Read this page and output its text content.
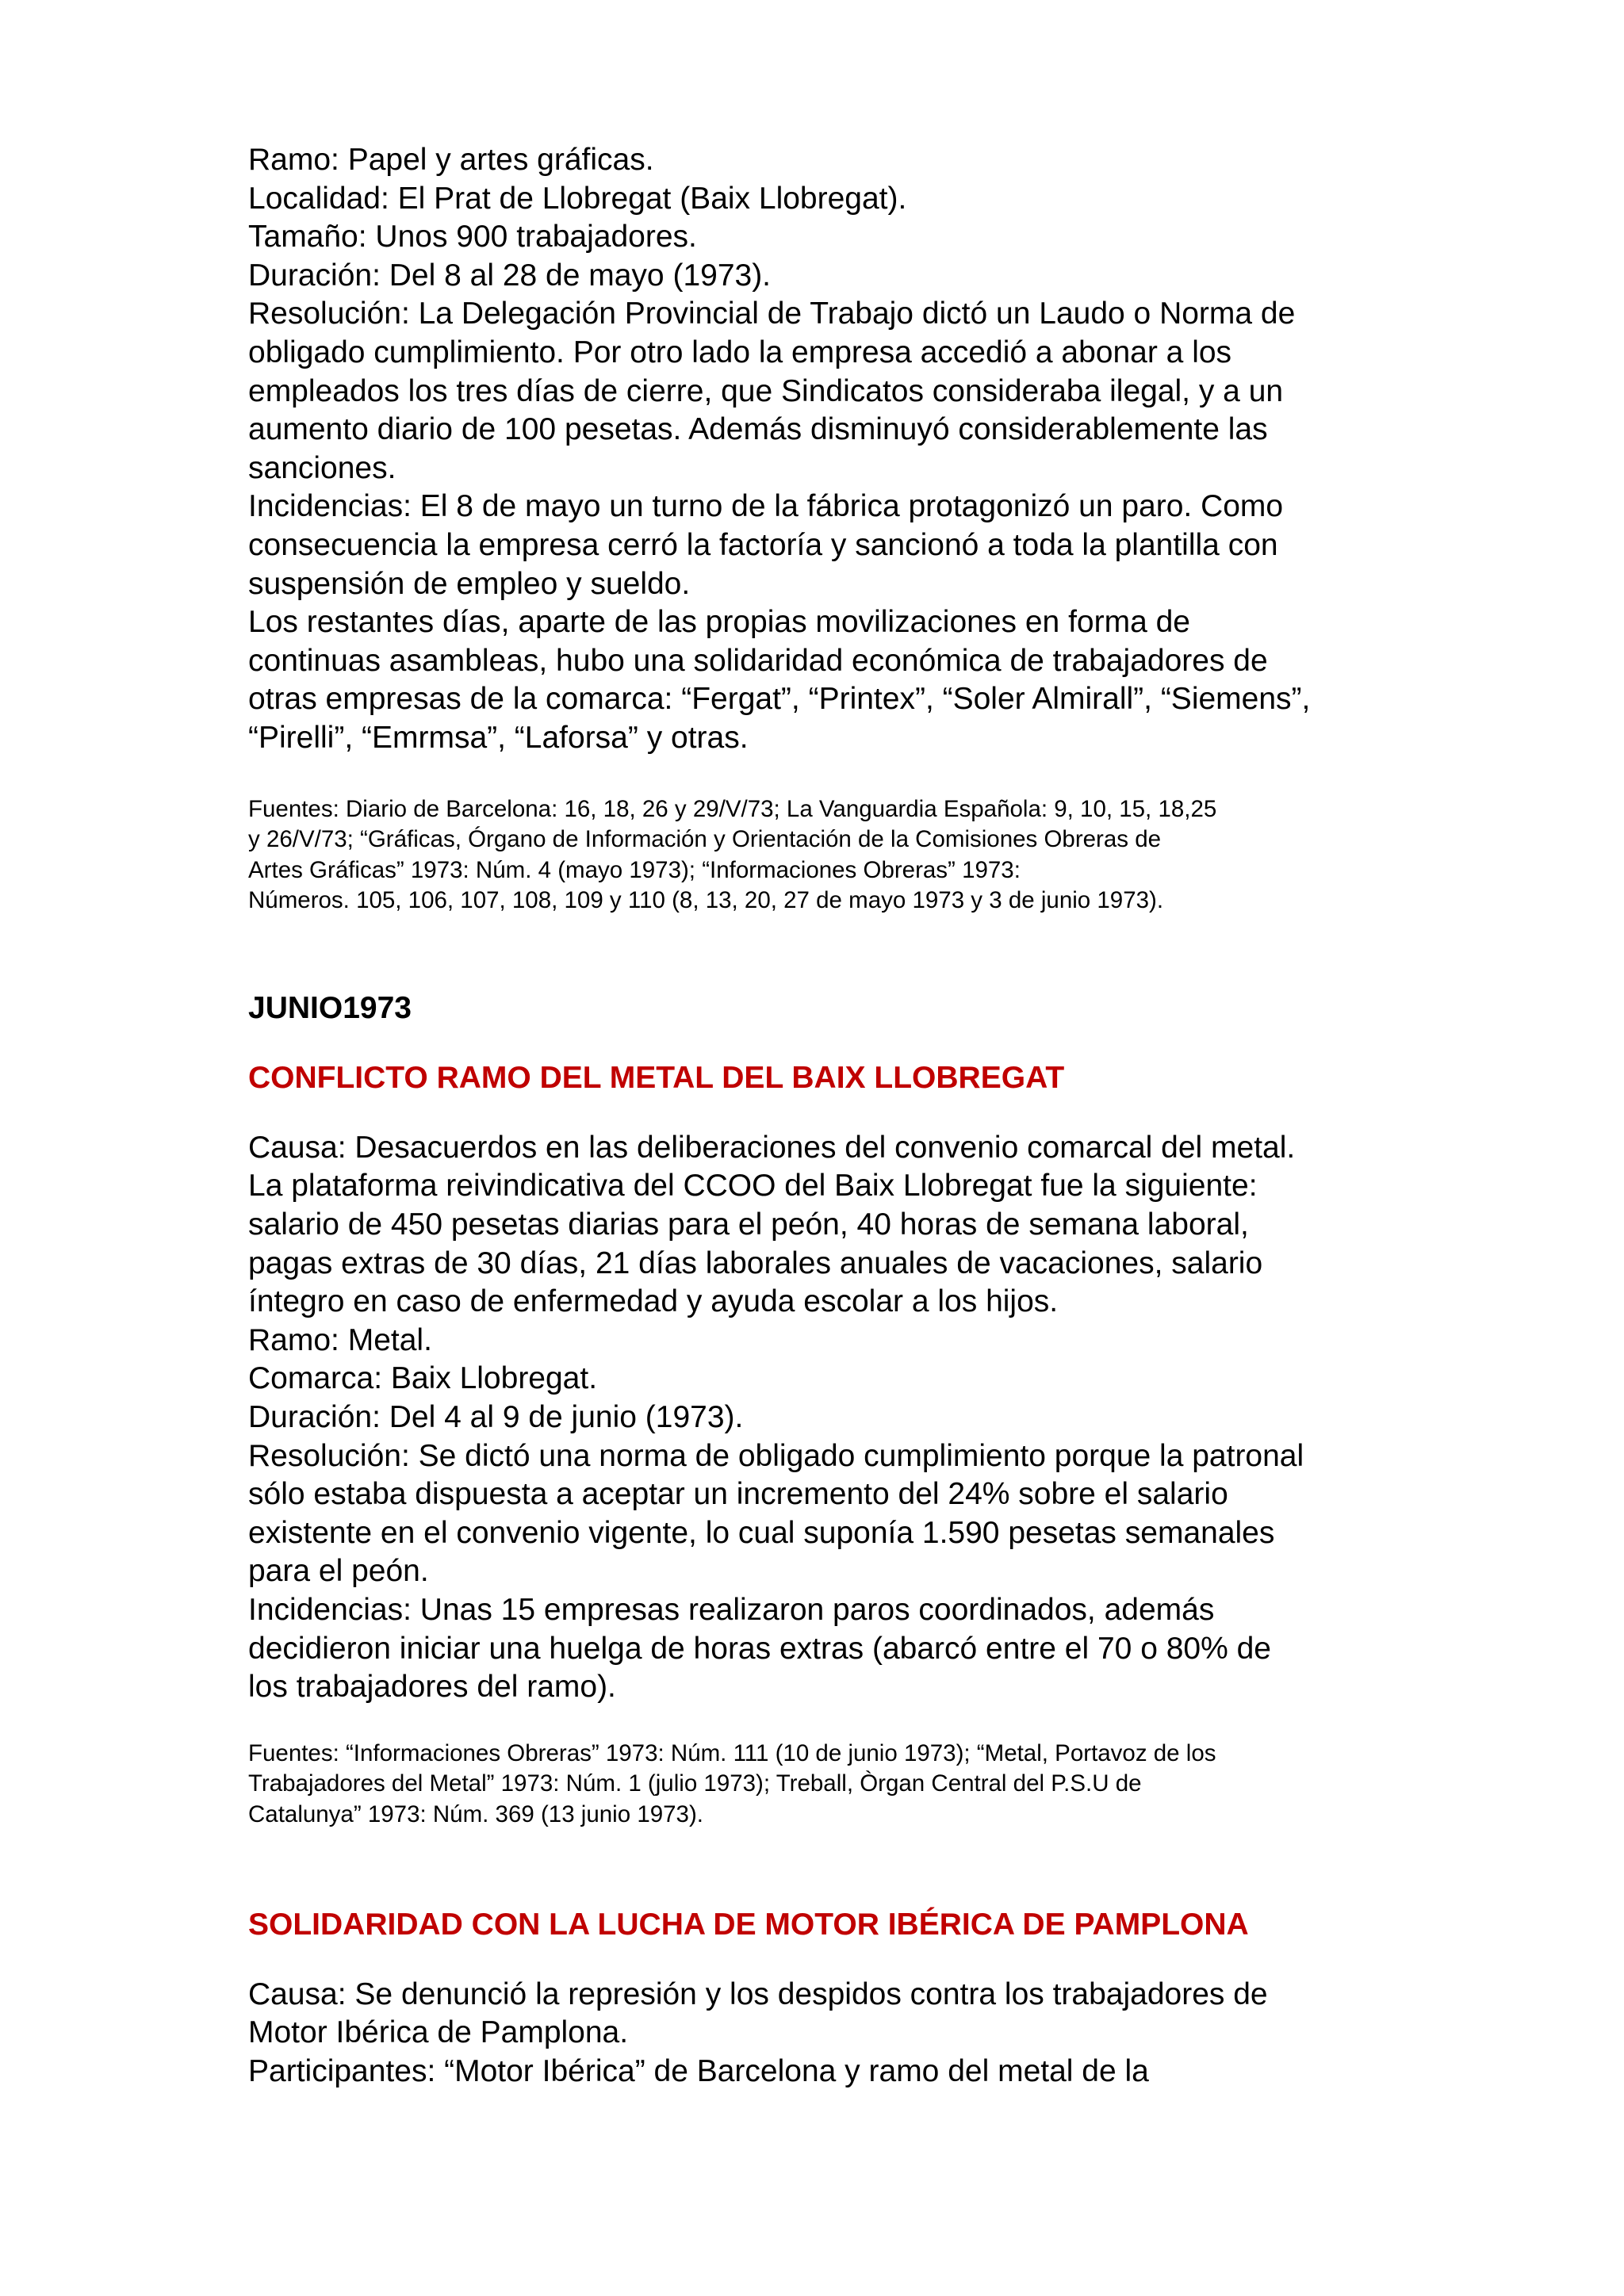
Ramo: Papel y artes gráficas.

Localidad: El Prat de Llobregat (Baix Llobregat).

Tamaño: Unos 900 trabajadores.

Duración: Del 8 al 28 de mayo (1973).

Resolución: La Delegación Provincial de Trabajo dictó un Laudo o Norma de

obligado cumplimiento. Por otro lado la empresa accedió a abonar a los

empleados los tres días de cierre, que Sindicatos consideraba ilegal, y a un

aumento diario de 100 pesetas. Además disminuyó considerablemente las

sanciones.

Incidencias: El 8 de mayo un turno de la fábrica protagonizó un paro. Como

consecuencia la empresa cerró la factoría y sancionó a toda la plantilla con

suspensión de empleo y sueldo.

Los restantes días, aparte de las propias movilizaciones en forma de

continuas asambleas, hubo una solidaridad económica de trabajadores de

otras empresas de la comarca: “Fergat”, “Printex”, “Soler Almirall”, “Siemens”,

“Pirelli”, “Emrmsa”, “Laforsa” y otras.

Fuentes: Diario de Barcelona: 16, 18, 26 y 29/V/73; La Vanguardia Española: 9, 10, 15, 18,25

y 26/V/73; “Gráficas, Órgano de Información y Orientación de la Comisiones Obreras de

Artes Gráficas” 1973: Núm. 4 (mayo 1973); “Informaciones Obreras” 1973:

Números. 105, 106, 107, 108, 109 y 110 (8, 13, 20, 27 de mayo 1973 y 3 de junio 1973).

JUNIO1973

CONFLICTO RAMO DEL METAL DEL BAIX LLOBREGAT

Causa: Desacuerdos en las deliberaciones del convenio comarcal del metal.

La plataforma reivindicativa del CCOO del Baix Llobregat fue la siguiente:

salario de 450 pesetas diarias para el peón, 40 horas de semana laboral,

pagas extras de 30 días, 21 días laborales anuales de vacaciones, salario

íntegro en caso de enfermedad y ayuda escolar a los hijos.

Ramo: Metal.

Comarca: Baix Llobregat.

Duración: Del 4 al 9 de junio (1973).

Resolución: Se dictó una norma de obligado cumplimiento porque la patronal

sólo estaba dispuesta a aceptar un incremento del 24% sobre el salario

existente en el convenio vigente, lo cual suponía 1.590 pesetas semanales

para el peón.

Incidencias: Unas 15 empresas realizaron paros coordinados, además

decidieron iniciar una huelga de horas extras (abarcó entre el 70 o 80% de

los trabajadores del ramo).

Fuentes: “Informaciones Obreras” 1973: Núm. 111 (10 de junio 1973); “Metal, Portavoz de los

Trabajadores del Metal” 1973: Núm. 1 (julio 1973); Treball, Òrgan Central del P.S.U de

Catalunya” 1973: Núm. 369 (13 junio 1973).

SOLIDARIDAD CON LA LUCHA DE MOTOR IBÉRICA DE PAMPLONA

Causa: Se denunció la represión y los despidos contra los trabajadores de

Motor Ibérica de Pamplona.

Participantes: “Motor Ibérica” de Barcelona y ramo del metal de la
